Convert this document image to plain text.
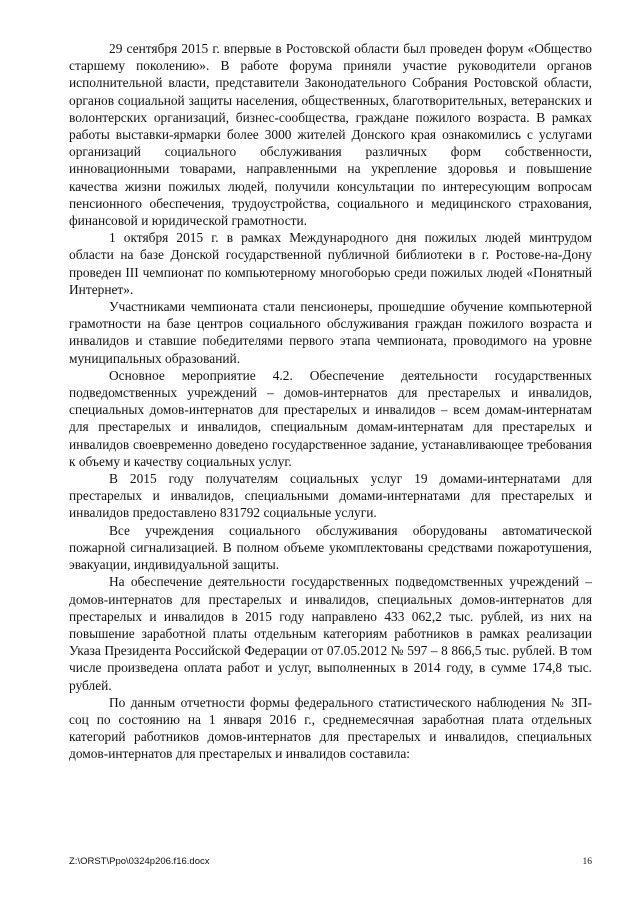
29 сентября 2015 г. впервые в Ростовской области был проведен форум «Общество старшему поколению». В работе форума приняли участие руководители органов исполнительной власти, представители Законодательного Собрания Ростовской области, органов социальной защиты населения, общественных, благотворительных, ветеранских и волонтерских организаций, бизнес-сообщества, граждане пожилого возраста. В рамках работы выставки-ярмарки более 3000 жителей Донского края ознакомились с услугами организаций социального обслуживания различных форм собственности, инновационными товарами, направленными на укрепление здоровья и повышение качества жизни пожилых людей, получили консультации по интересующим вопросам пенсионного обеспечения, трудоустройства, социального и медицинского страхования, финансовой и юридической грамотности.

1 октября 2015 г. в рамках Международного дня пожилых людей минтрудом области на базе Донской государственной публичной библиотеки в г. Ростове-на-Дону проведен III чемпионат по компьютерному многоборью среди пожилых людей «Понятный Интернет».

Участниками чемпионата стали пенсионеры, прошедшие обучение компьютерной грамотности на базе центров социального обслуживания граждан пожилого возраста и инвалидов и ставшие победителями первого этапа чемпионата, проводимого на уровне муниципальных образований.

Основное мероприятие 4.2. Обеспечение деятельности государственных подведомственных учреждений – домов-интернатов для престарелых и инвалидов, специальных домов-интернатов для престарелых и инвалидов – всем домам-интернатам для престарелых и инвалидов, специальным домам-интернатам для престарелых и инвалидов своевременно доведено государственное задание, устанавливающее требования к объему и качеству социальных услуг.

В 2015 году получателям социальных услуг 19 домами-интернатами для престарелых и инвалидов, специальными домами-интернатами для престарелых и инвалидов предоставлено 831792 социальные услуги.

Все учреждения социального обслуживания оборудованы автоматической пожарной сигнализацией. В полном объеме укомплектованы средствами пожаротушения, эвакуации, индивидуальной защиты.

На обеспечение деятельности государственных подведомственных учреждений – домов-интернатов для престарелых и инвалидов, специальных домов-интернатов для престарелых и инвалидов в 2015 году направлено 433 062,2 тыс. рублей, из них на повышение заработной платы отдельным категориям работников в рамках реализации Указа Президента Российской Федерации от 07.05.2012 № 597 – 8 866,5 тыс. рублей. В том числе произведена оплата работ и услуг, выполненных в 2014 году, в сумме 174,8 тыс. рублей.

По данным отчетности формы федерального статистического наблюдения № ЗП-соц по состоянию на 1 января 2016 г., среднемесячная заработная плата отдельных категорий работников домов-интернатов для престарелых и инвалидов, специальных домов-интернатов для престарелых и инвалидов составила:

Z:\ORST\Ppo\0324p206.f16.docx	16
